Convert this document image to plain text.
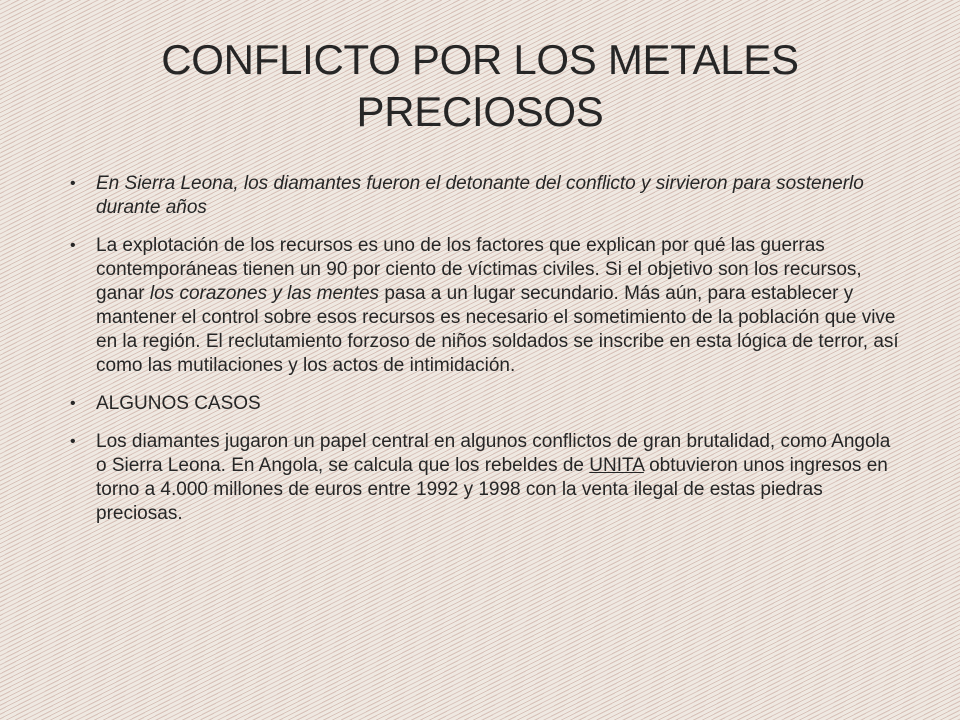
CONFLICTO POR LOS METALES PRECIOSOS
• En Sierra Leona, los diamantes fueron el detonante del conflicto y sirvieron para sostenerlo durante años
• La explotación de los recursos es uno de los factores que explican por qué las guerras contemporáneas tienen un 90 por ciento de víctimas civiles. Si el objetivo son los recursos, ganar los corazones y las mentes pasa a un lugar secundario. Más aún, para establecer y mantener el control sobre esos recursos es necesario el sometimiento de la población que vive en la región. El reclutamiento forzoso de niños soldados se inscribe en esta lógica de terror, así como las mutilaciones y los actos de intimidación.
• ALGUNOS CASOS
• Los diamantes jugaron un papel central en algunos conflictos de gran brutalidad, como Angola o Sierra Leona. En Angola, se calcula que los rebeldes de UNITA obtuvieron unos ingresos en torno a 4.000 millones de euros entre 1992 y 1998 con la venta ilegal de estas piedras preciosas.
